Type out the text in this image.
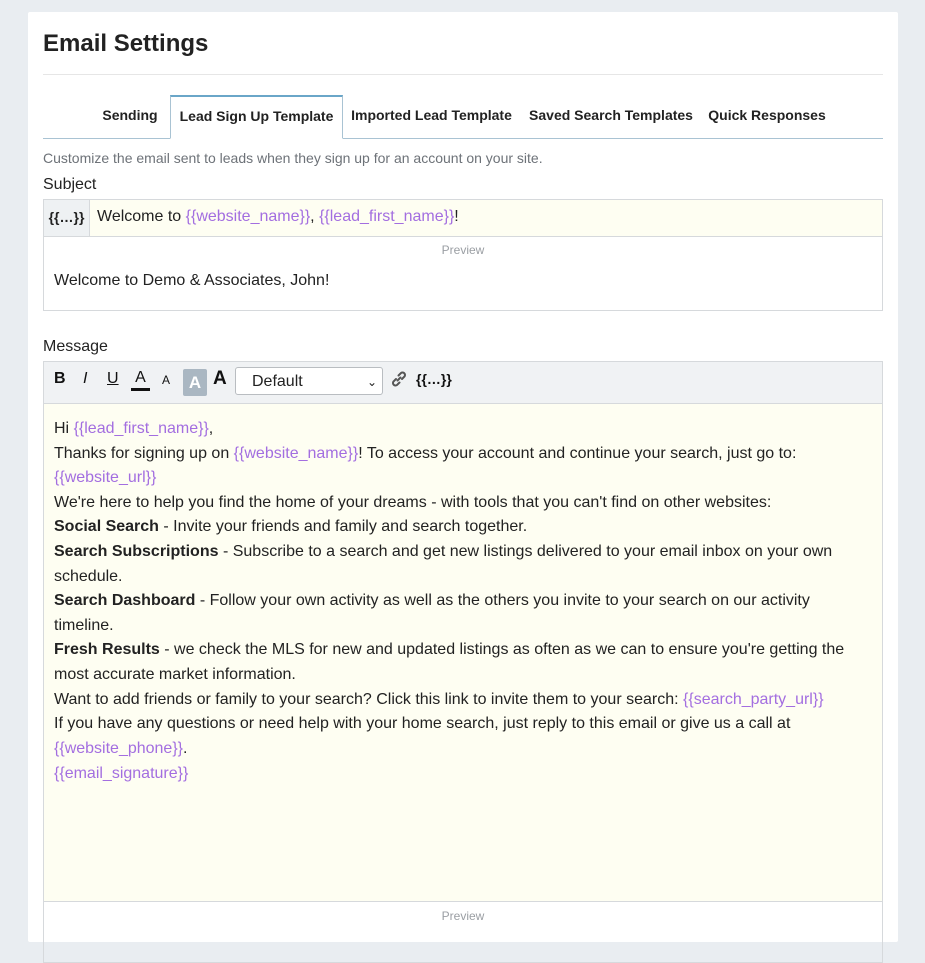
Email Settings
Sending	Lead Sign Up Template	Imported Lead Template Saved Search Templates Quick Responses
Customize the email sent to leads when they sign up for an account on your site.
Subject
{{…}} Welcome to {{website_name}}, {{lead_first_name}}!
Preview
Welcome to Demo & Associates, John!
Message
B I U A	A	A A	Default	⌄	{{…}}
Hi {{lead_first_name}},
Thanks for signing up on {{website_name}}! To access your account and continue your search, just go to:
{{website_url}}
We're here to help you find the home of your dreams - with tools that you can't find on other websites:
Social Search - Invite your friends and family and search together.
Search Subscriptions - Subscribe to a search and get new listings delivered to your email inbox on your own
schedule.
Search Dashboard - Follow your own activity as well as the others you invite to your search on our activity
timeline.
Fresh Results - we check the MLS for new and updated listings as often as we can to ensure you're getting the
most accurate market information.
Want to add friends or family to your search? Click this link to invite them to your search: {{search_party_url}}
If you have any questions or need help with your home search, just reply to this email or give us a call at
{{website_phone}}.
{{email_signature}}
Preview
